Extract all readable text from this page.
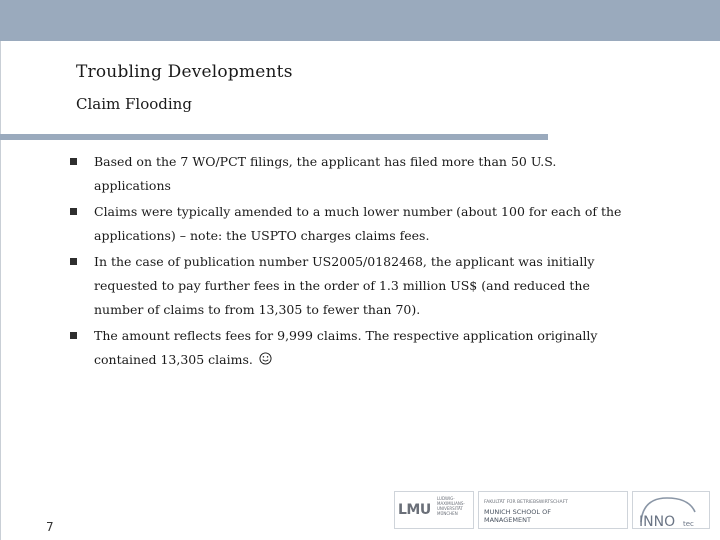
Troubling Developments
Claim Flooding
Based on the 7 WO/PCT filings, the applicant has filed more than 50 U.S. applications
Claims were typically amended to a much lower number (about 100 for each of the applications) – note: the USPTO charges claims fees.
In the case of publication number US2005/0182468, the applicant was initially requested to pay further fees in the order of 1.3 million US$ (and reduced the number of claims to from 13,305 to fewer than 70).
The amount reflects fees for 9,999 claims. The respective application originally contained 13,305 claims.
7
LMU
LUDWIG-MAXIMILIANS-UNIVERSITÄT MÜNCHEN
FAKULTÄT FÜR BETRIEBSWIRTSCHAFT
MUNICH SCHOOL OF
MANAGEMENT	INNO tec
